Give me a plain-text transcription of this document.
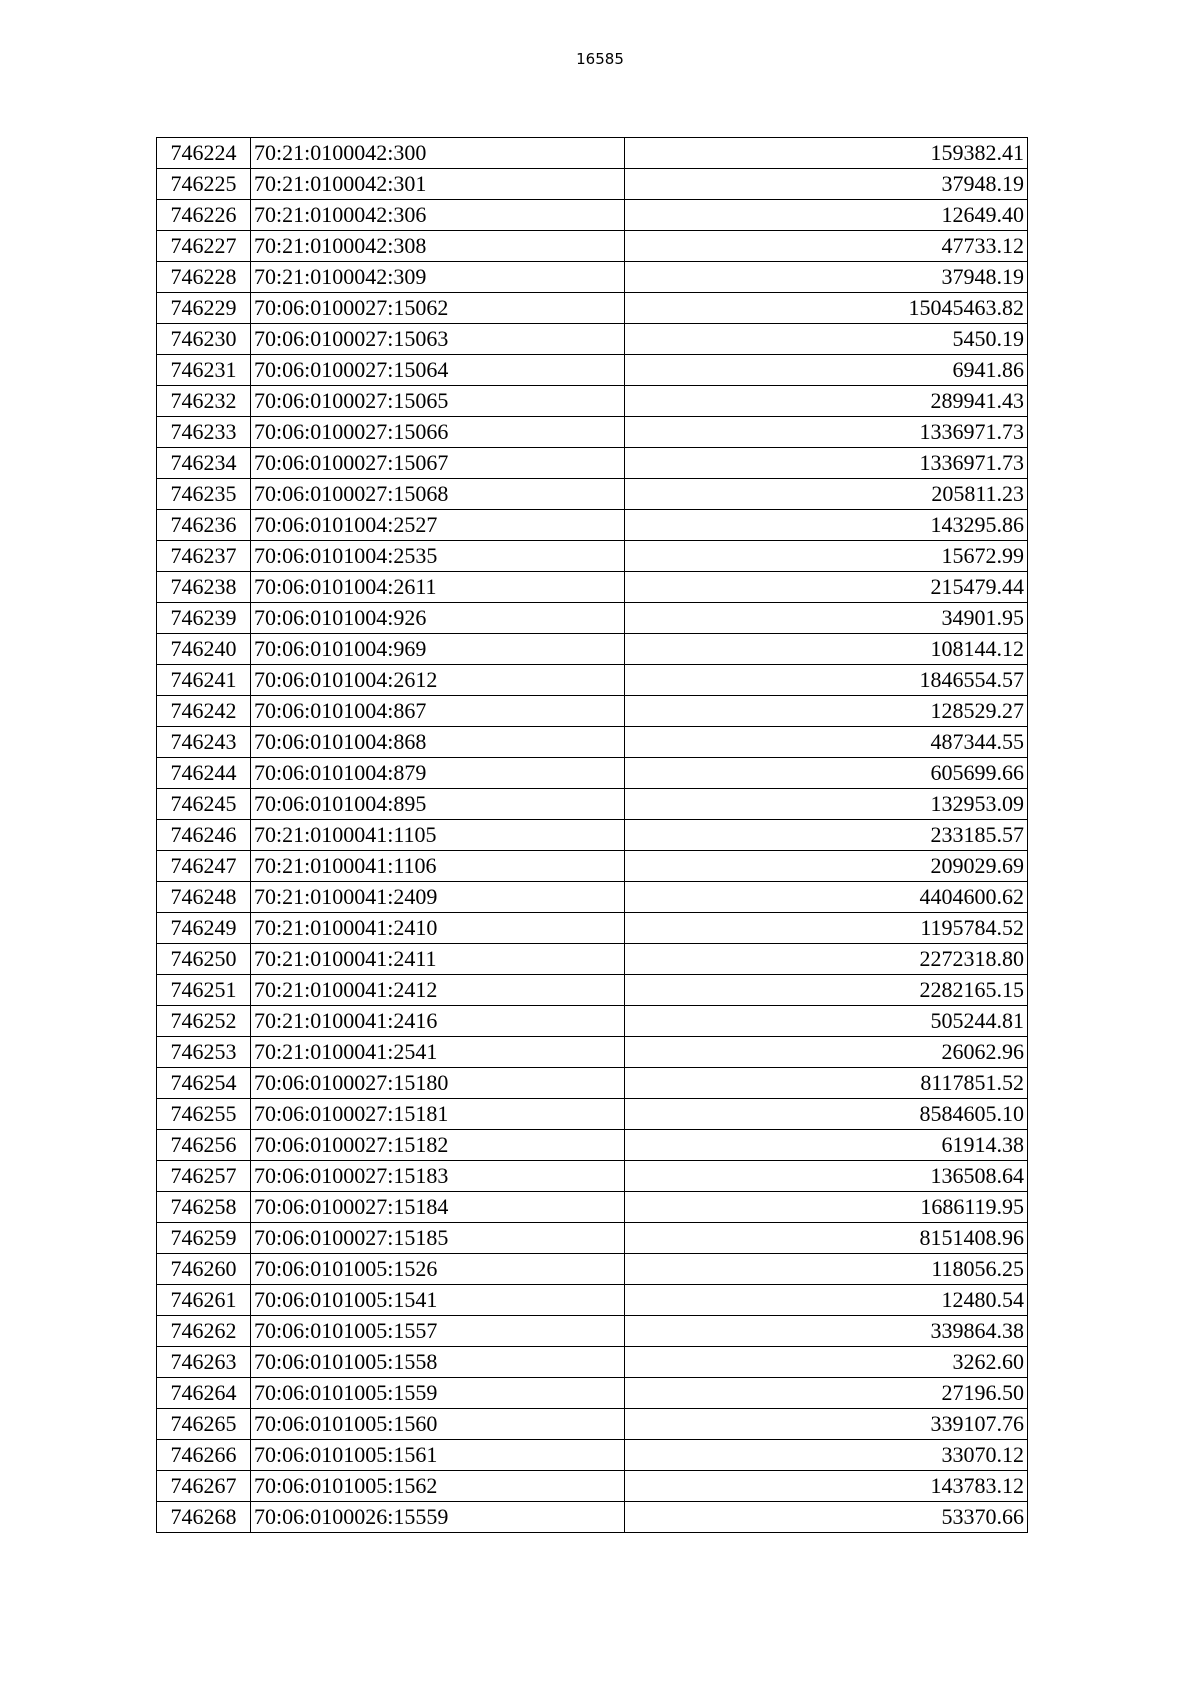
16585
746224	70:21:0100042:300	159382.41
746225	70:21:0100042:301	37948.19
746226	70:21:0100042:306	12649.40
746227	70:21:0100042:308	47733.12
746228	70:21:0100042:309	37948.19
746229	70:06:0100027:15062	15045463.82
746230	70:06:0100027:15063	5450.19
746231	70:06:0100027:15064	6941.86
746232	70:06:0100027:15065	289941.43
746233	70:06:0100027:15066	1336971.73
746234	70:06:0100027:15067	1336971.73
746235	70:06:0100027:15068	205811.23
746236	70:06:0101004:2527	143295.86
746237	70:06:0101004:2535	15672.99
746238	70:06:0101004:2611	215479.44
746239	70:06:0101004:926	34901.95
746240	70:06:0101004:969	108144.12
746241	70:06:0101004:2612	1846554.57
746242	70:06:0101004:867	128529.27
746243	70:06:0101004:868	487344.55
746244	70:06:0101004:879	605699.66
746245	70:06:0101004:895	132953.09
746246	70:21:0100041:1105	233185.57
746247	70:21:0100041:1106	209029.69
746248	70:21:0100041:2409	4404600.62
746249	70:21:0100041:2410	1195784.52
746250	70:21:0100041:2411	2272318.80
746251	70:21:0100041:2412	2282165.15
746252	70:21:0100041:2416	505244.81
746253	70:21:0100041:2541	26062.96
746254	70:06:0100027:15180	8117851.52
746255	70:06:0100027:15181	8584605.10
746256	70:06:0100027:15182	61914.38
746257	70:06:0100027:15183	136508.64
746258	70:06:0100027:15184	1686119.95
746259	70:06:0100027:15185	8151408.96
746260	70:06:0101005:1526	118056.25
746261	70:06:0101005:1541	12480.54
746262	70:06:0101005:1557	339864.38
746263	70:06:0101005:1558	3262.60
746264	70:06:0101005:1559	27196.50
746265	70:06:0101005:1560	339107.76
746266	70:06:0101005:1561	33070.12
746267	70:06:0101005:1562	143783.12
746268	70:06:0100026:15559	53370.66
